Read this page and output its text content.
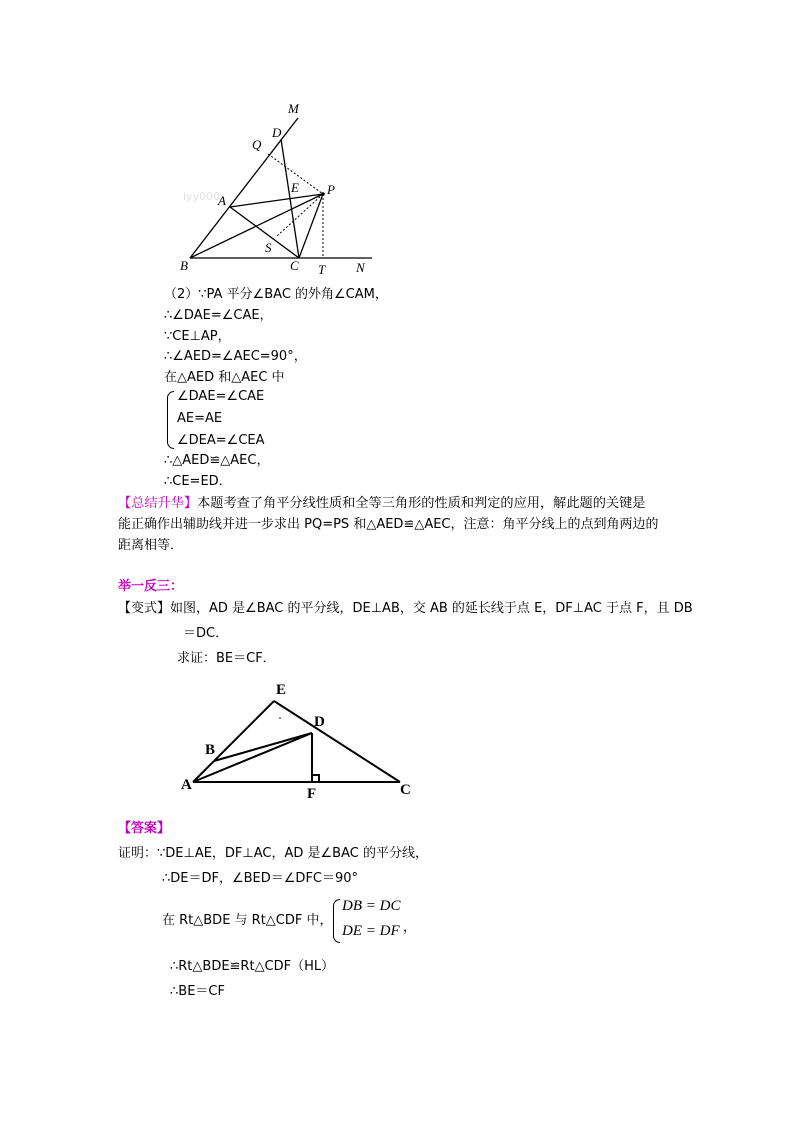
lyy000
M
D
Q
E P
A
S
B	C T N
（2）∵PA 平分∠BAC 的外角∠CAM，
∴∠DAE=∠CAE，
∵CE⊥AP，
∴∠AED=∠AEC=90°，
在△AED 和△AEC 中
∠DAE=∠CAE
AE=AE
∠DEA=∠CEA
∴△AED≌△AEC，
∴CE=ED．
【总结升华】本题考查了角平分线性质和全等三角形的性质和判定的应用，解此题的关键是
能正确作出辅助线并进一步求出 PQ=PS 和△AED≌△AEC，注意：角平分线上的点到角两边的
距离相等．
举一反三：
【变式】如图，AD 是∠BAC 的平分线，DE⊥AB，交 AB 的延长线于点 E，DF⊥AC 于点 F，且 DB
＝DC．
求证：BE＝CF．
E
D
B
A
F	C
【答案】
证明：∵DE⊥AE，DF⊥AC，AD 是∠BAC 的平分线，
∴DE＝DF，∠BED＝∠DFC＝90°
在 Rt△BDE 与 Rt△CDF 中，
DB = DC
DE = DF ，
∴Rt△BDE≌Rt△CDF（HL）
∴BE＝CF
